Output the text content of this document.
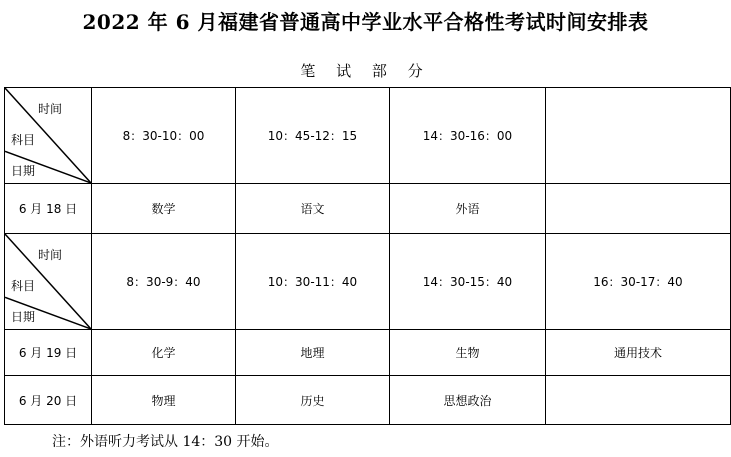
2022 年 6 月福建省普通高中学业水平合格性考试时间安排表
笔 试 部 分
时间
科目
日期	8：30-10：00	10：45-12：15	14：30-16：00	
6 月 18 日	数学	语文	外语	

时间
科目
日期	8：30-9：40	10：30-11：40	14：30-15：40	16：30-17：40
6 月 19 日	化学	地理	生物	通用技术
6 月 20 日	物理	历史	思想政治	
注：外语听力考试从 14：30 开始。
